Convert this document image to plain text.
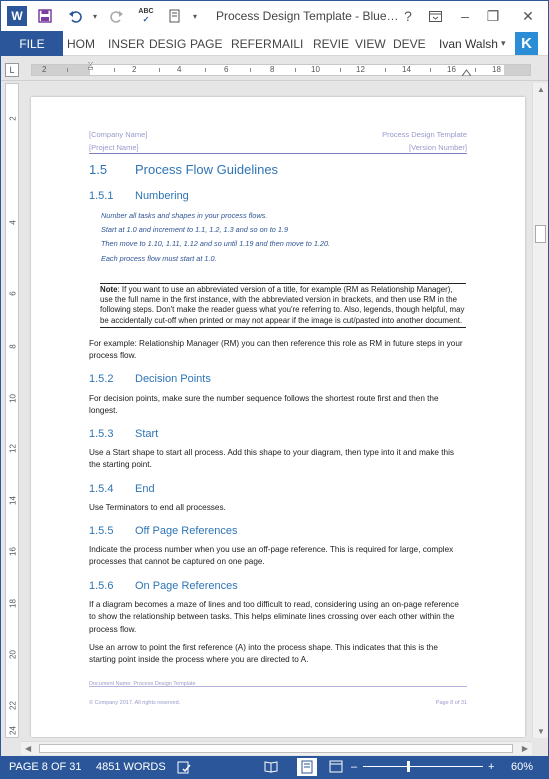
W	▾	ABC
✓	▾	Process Design Template - Blue… ?	–	❐	✕
FILE	HOM INSER DESIG PAGE REFER MAILI REVIE VIEW DEVE Ivan Walsh ▾	K
L	2	2	4	6	8	10	12	14	16	18
2
4
6
8
10
12
14
16
18
20
22
24
[Company Name]	Process Design Template
[Project Name]	[Version Number]
1.5 Process Flow Guidelines
1.5.1 Numbering
Number all tasks and shapes in your process flows.
Start at 1.0 and increment to 1.1, 1.2, 1.3 and so on to 1.9
Then move to 1.10, 1.11, 1.12 and so until 1.19 and then move to 1.20.
Each process flow must start at 1.0.
Note: If you want to use an abbreviated version of a title, for example (RM as Relationship Manager), use the full name in the first instance, with the abbreviated version in brackets, and then use RM in the following steps. Don't make the reader guess what you're referring to. Also, legends, though helpful, may be accidentally cut-off when printed or may not appear if the image is cut/pasted into another document.
For example: Relationship Manager (RM) you can then reference this role as RM in future steps in your process flow.
1.5.2 Decision Points
For decision points, make sure the number sequence follows the shortest route first and then the longest.
1.5.3 Start
Use a Start shape to start all process. Add this shape to your diagram, then type into it and make this the starting point.
1.5.4 End
Use Terminators to end all processes.
1.5.5 Off Page References
Indicate the process number when you use an off-page reference. This is required for large, complex processes that cannot be captured on one page.
1.5.6 On Page References
If a diagram becomes a maze of lines and too difficult to read, considering using an on-page reference to show the relationship between tasks. This helps eliminate lines crossing over each other within the process flow.
Use an arrow to point the first reference (A) into the process shape. This indicates that this is the starting point inside the process where you are directed to A.
Document Name: Process Design Template
© Company 2017. All rights reserved.	Page 8 of 31
▲
▼
◀	▶
PAGE 8 OF 31 4851 WORDS	–	+ 60%
